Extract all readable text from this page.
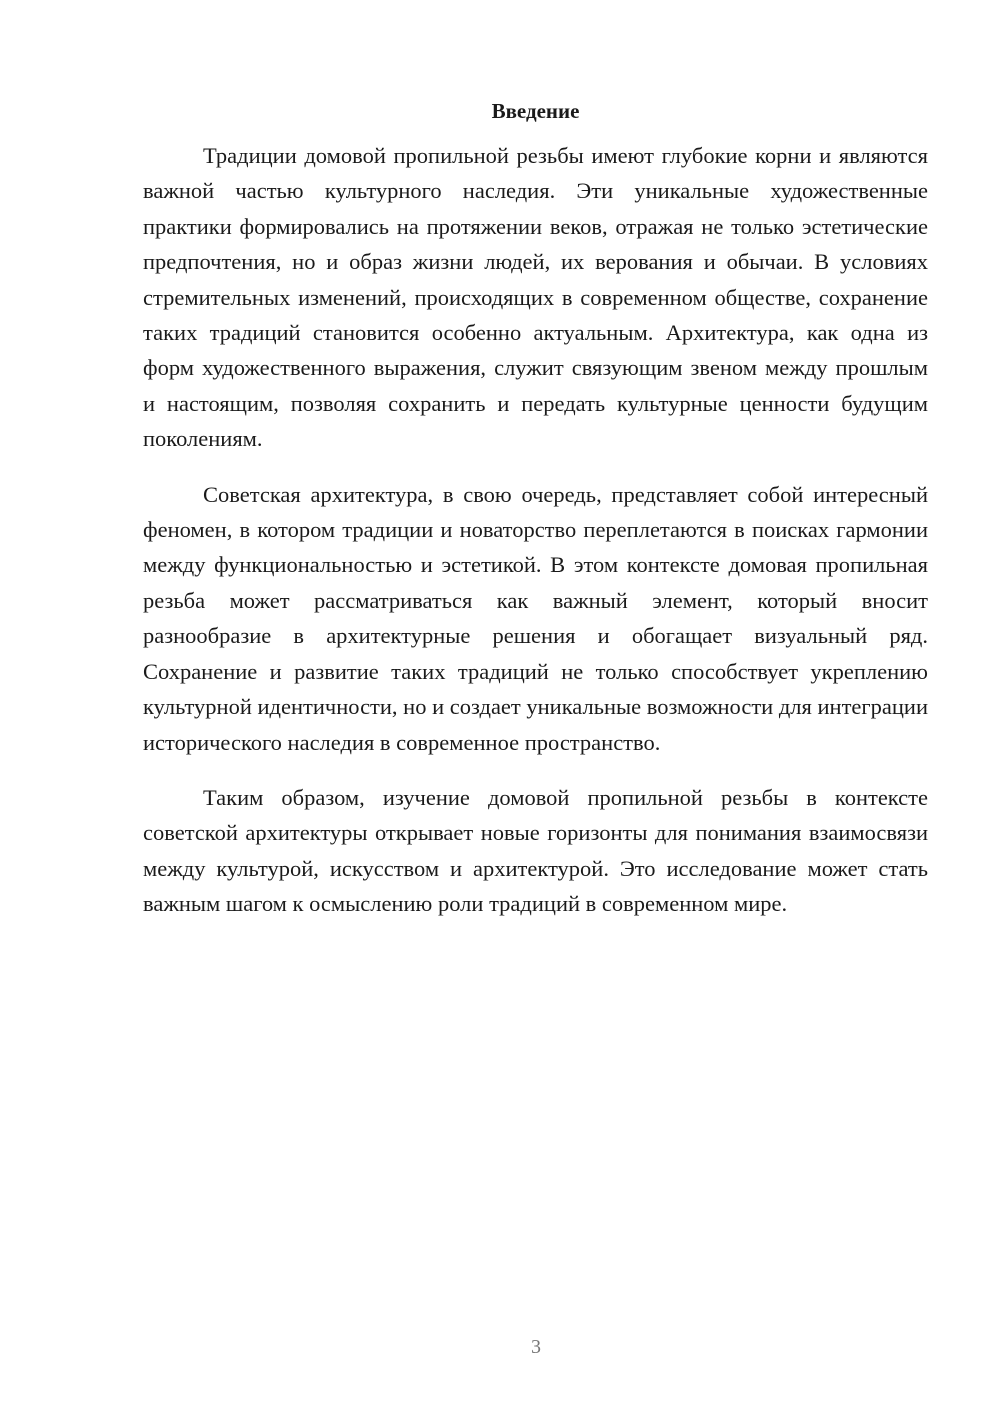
Введение

Традиции домовой пропильной резьбы имеют глубокие корни и являются важной частью культурного наследия. Эти уникальные художественные практики формировались на протяжении веков, отражая не только эстетические предпочтения, но и образ жизни людей, их верования и обычаи. В условиях стремительных изменений, происходящих в современном обществе, сохранение таких традиций становится особенно актуальным. Архитектура, как одна из форм художественного выражения, служит связующим звеном между прошлым и настоящим, позволяя сохранить и передать культурные ценности будущим поколениям.

Советская архитектура, в свою очередь, представляет собой интересный феномен, в котором традиции и новаторство переплетаются в поисках гармонии между функциональностью и эстетикой. В этом контексте домовая пропильная резьба может рассматриваться как важный элемент, который вносит разнообразие в архитектурные решения и обогащает визуальный ряд. Сохранение и развитие таких традиций не только способствует укреплению культурной идентичности, но и создает уникальные возможности для интеграции исторического наследия в современное пространство.

Таким образом, изучение домовой пропильной резьбы в контексте советской архитектуры открывает новые горизонты для понимания взаимосвязи между культурой, искусством и архитектурой. Это исследование может стать важным шагом к осмыслению роли традиций в современном мире.

3
